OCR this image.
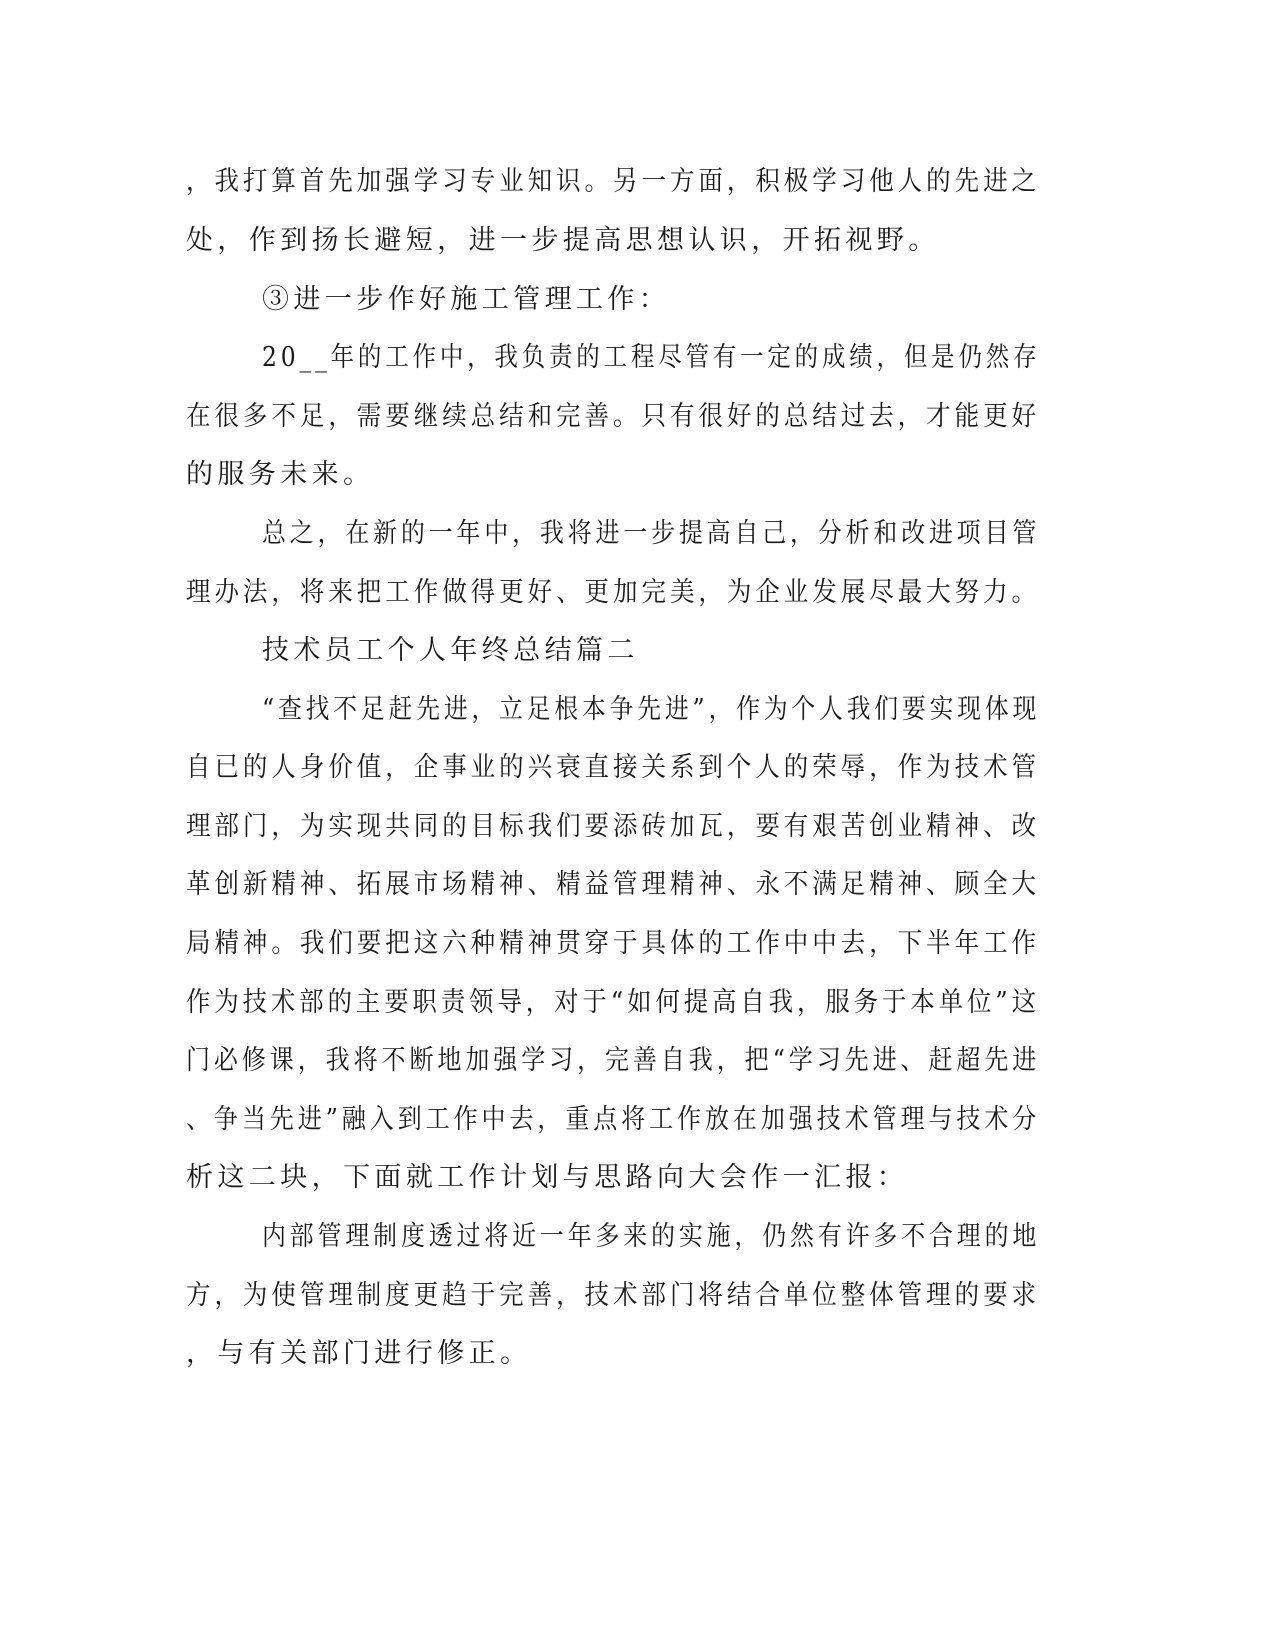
，我打算首先加强学习专业知识。另一方面，积极学习他人的先进之
处，作到扬长避短，进一步提高思想认识，开拓视野。
③进一步作好施工管理工作：
20__年的工作中，我负责的工程尽管有一定的成绩，但是仍然存
在很多不足，需要继续总结和完善。只有很好的总结过去，才能更好
的服务未来。
总之，在新的一年中，我将进一步提高自己，分析和改进项目管
理办法，将来把工作做得更好、更加完美，为企业发展尽最大努力。
技术员工个人年终总结篇二
“查找不足赶先进，立足根本争先进”，作为个人我们要实现体现
自已的人身价值，企事业的兴衰直接关系到个人的荣辱，作为技术管
理部门，为实现共同的目标我们要添砖加瓦，要有艰苦创业精神、改
革创新精神、拓展市场精神、精益管理精神、永不满足精神、顾全大
局精神。我们要把这六种精神贯穿于具体的工作中中去，下半年工作
作为技术部的主要职责领导，对于“如何提高自我，服务于本单位”这
门必修课，我将不断地加强学习，完善自我，把“学习先进、赶超先进
、争当先进”融入到工作中去，重点将工作放在加强技术管理与技术分
析这二块，下面就工作计划与思路向大会作一汇报：
内部管理制度透过将近一年多来的实施，仍然有许多不合理的地
方，为使管理制度更趋于完善，技术部门将结合单位整体管理的要求
，与有关部门进行修正。
